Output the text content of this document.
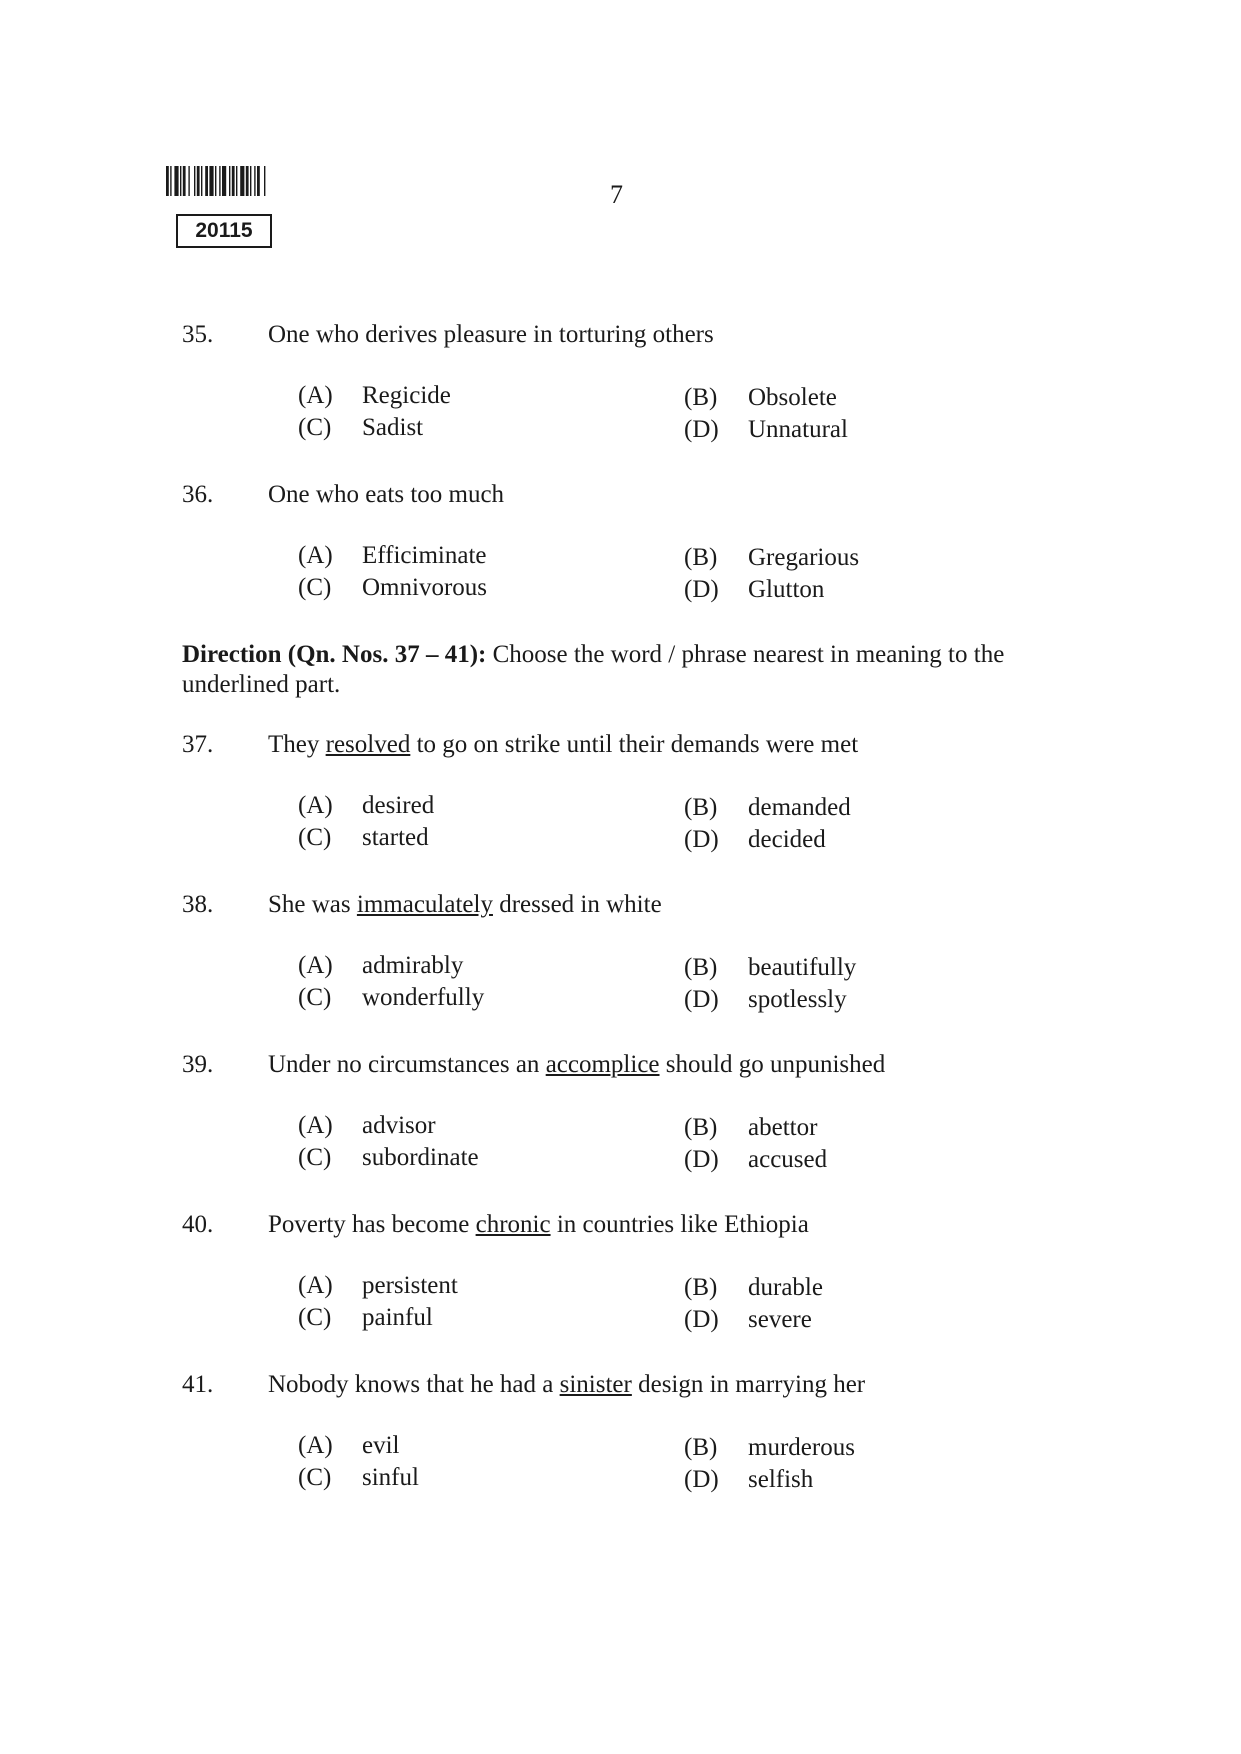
20115
7
35.	One who derives pleasure in torturing others
(A)	Regicide	(B)	Obsolete
(C)	Sadist	(D)	Unnatural
36.	One who eats too much
(A)	Efficiminate	(B)	Gregarious
(C)	Omnivorous	(D)	Glutton
Direction (Qn. Nos. 37 – 41): Choose the word / phrase nearest in meaning to the underlined part.
37.	They resolved to go on strike until their demands were met
(A)	desired	(B)	demanded
(C)	started	(D)	decided
38.	She was immaculately dressed in white
(A)	admirably	(B)	beautifully
(C)	wonderfully	(D)	spotlessly
39.	Under no circumstances an accomplice should go unpunished
(A)	advisor	(B)	abettor
(C)	subordinate	(D)	accused
40.	Poverty has become chronic in countries like Ethiopia
(A)	persistent	(B)	durable
(C)	painful	(D)	severe
41.	Nobody knows that he had a sinister design in marrying her
(A)	evil	(B)	murderous
(C)	sinful	(D)	selfish
